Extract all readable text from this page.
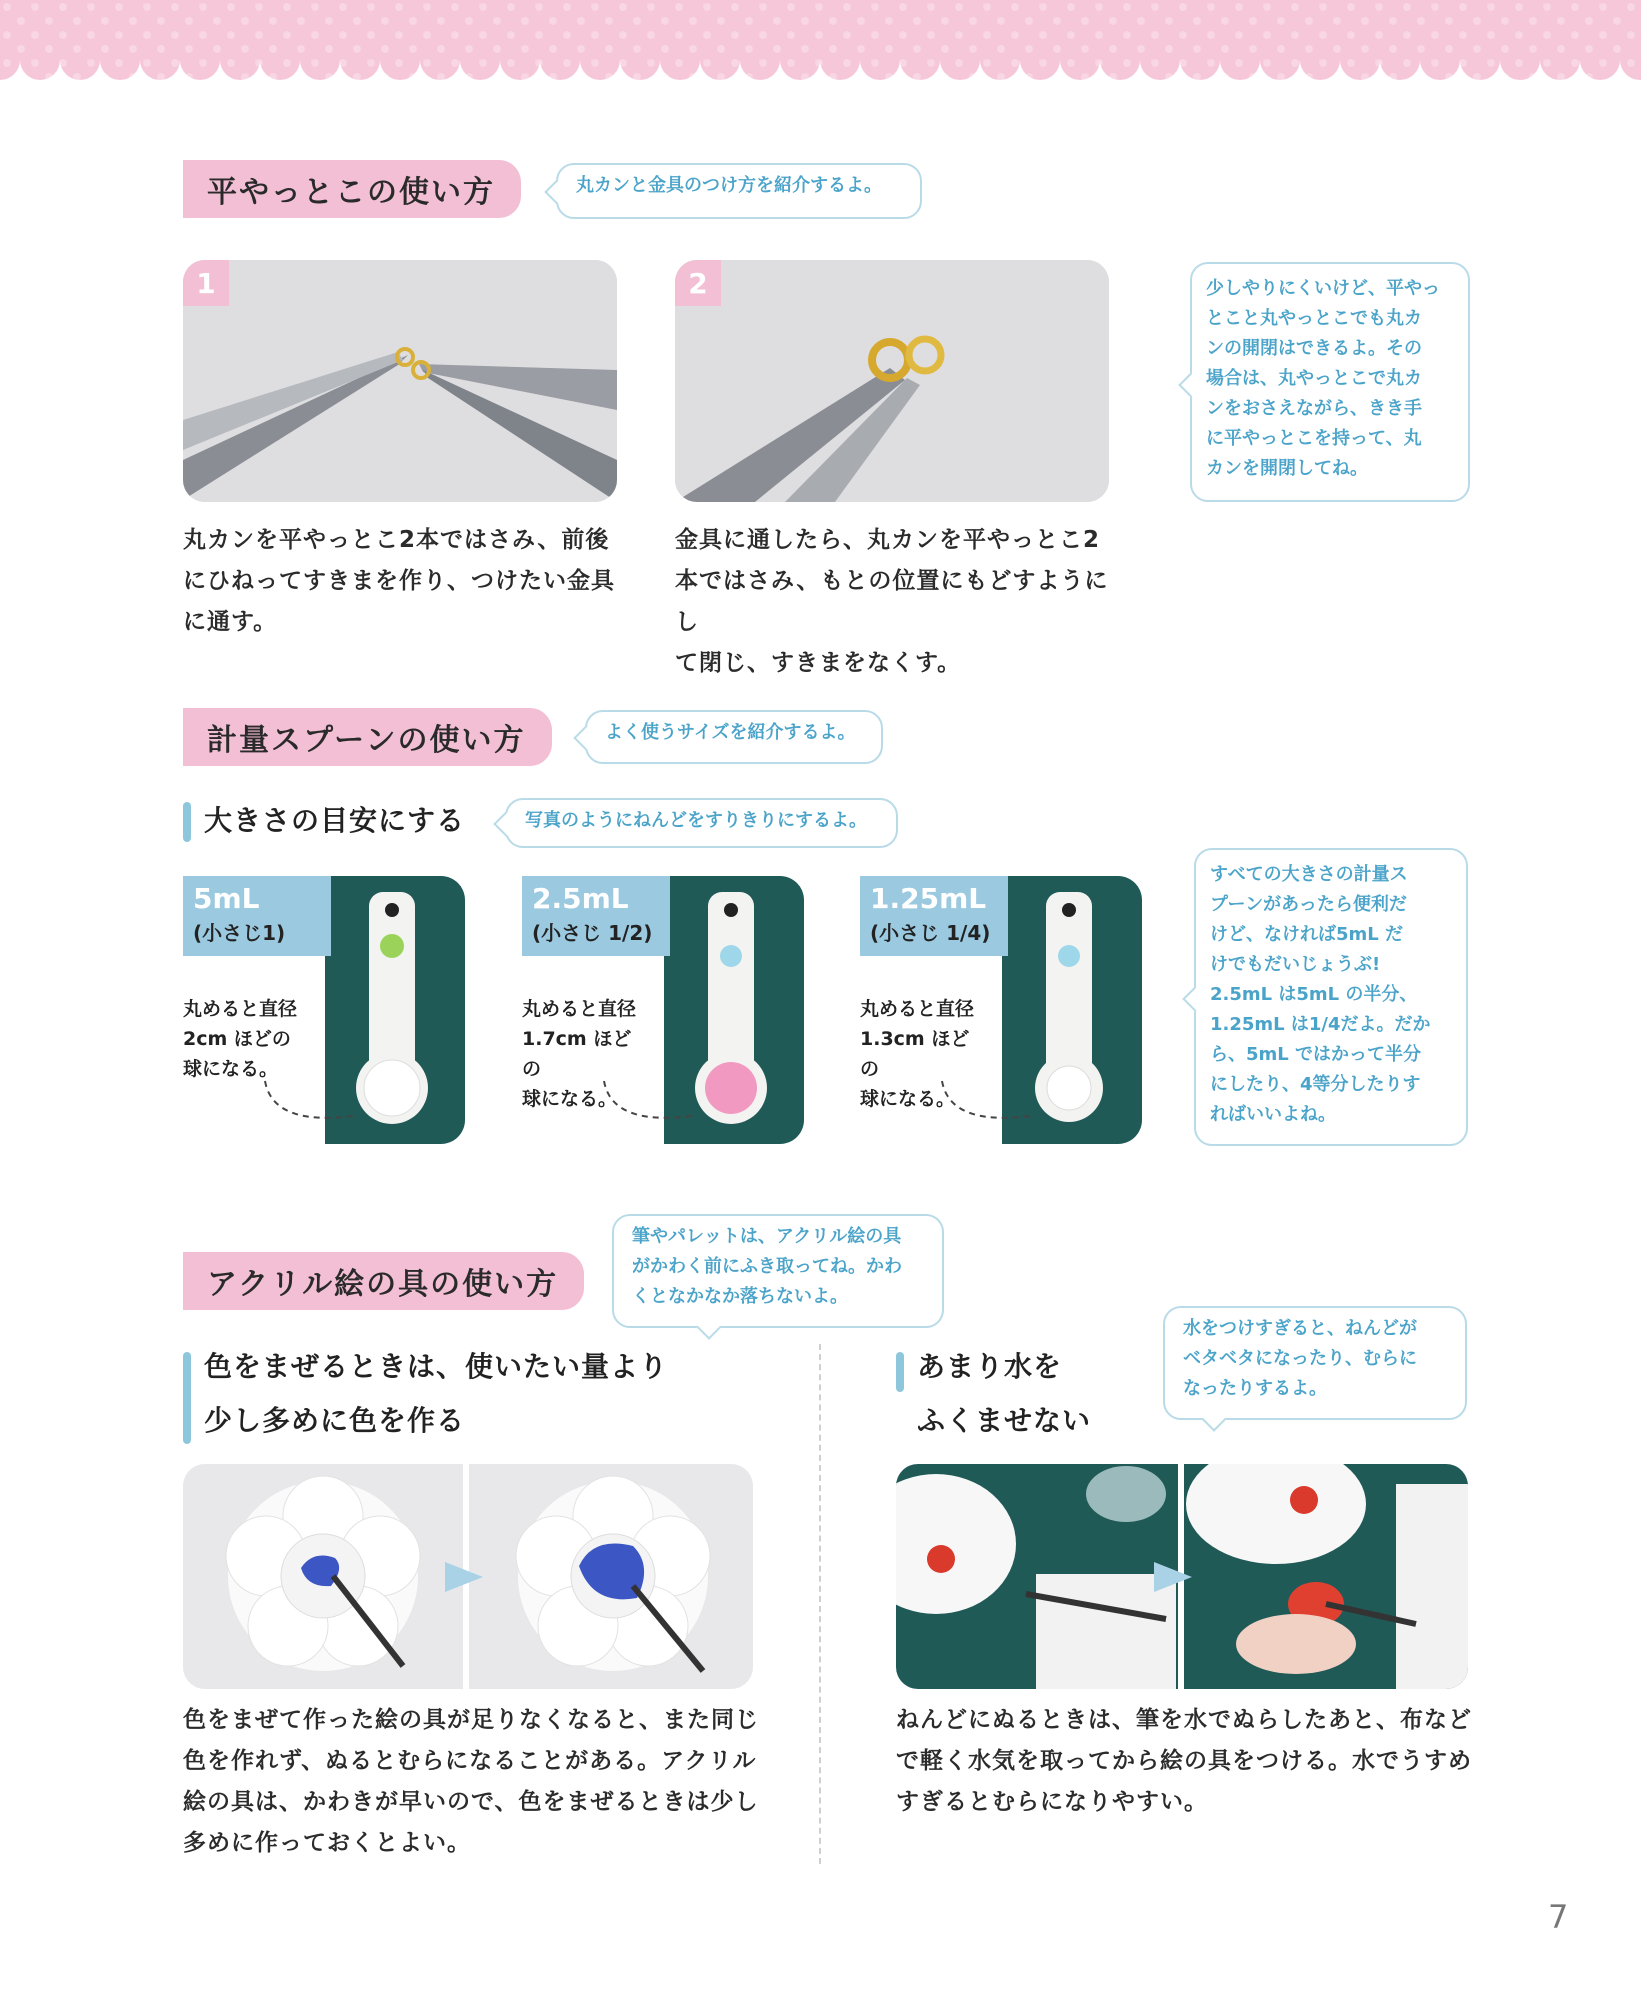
平やっとこの使い方	丸カンと金具のつけ方を紹介するよ。
1
丸カンを平やっとこ2本ではさみ、前後
にひねってすきまを作り、つけたい金具
に通す。
2
金具に通したら、丸カンを平やっとこ2
本ではさみ、もとの位置にもどすようにし
て閉じ、すきまをなくす。
少しやりにくいけど、平やっ
とこと丸やっとこでも丸カ
ンの開閉はできるよ。その
場合は、丸やっとこで丸カ
ンをおさえながら、きき手
に平やっとこを持って、丸
カンを開閉してね。
計量スプーンの使い方	よく使うサイズを紹介するよ。
大きさの目安にする	写真のようにねんどをすりきりにするよ。
5mL
(小さじ1)
丸めると直径
2cm ほどの
球になる。
2.5mL
(小さじ 1/2)
丸めると直径
1.7cm ほどの
球になる。
1.25mL
(小さじ 1/4)
丸めると直径
1.3cm ほどの
球になる。
すべての大きさの計量ス
プーンがあったら便利だ
けど、なければ5mL だ
けでもだいじょうぶ!
2.5mL は5mL の半分、
1.25mL は1/4だよ。だか
ら、5mL ではかって半分
にしたり、4等分したりす
ればいいよね。
アクリル絵の具の使い方
筆やパレットは、アクリル絵の具
がかわく前にふき取ってね。かわ
くとなかなか落ちないよ。
色をまぜるときは、使いたい量より
少し多めに色を作る
色をまぜて作った絵の具が足りなくなると、また同じ
色を作れず、ぬるとむらになることがある。アクリル
絵の具は、かわきが早いので、色をまぜるときは少し
多めに作っておくとよい。
あまり水を
ふくませない
水をつけすぎると、ねんどが
ベタベタになったり、むらに
なったりするよ。
ねんどにぬるときは、筆を水でぬらしたあと、布など
で軽く水気を取ってから絵の具をつける。水でうすめ
すぎるとむらになりやすい。
7
